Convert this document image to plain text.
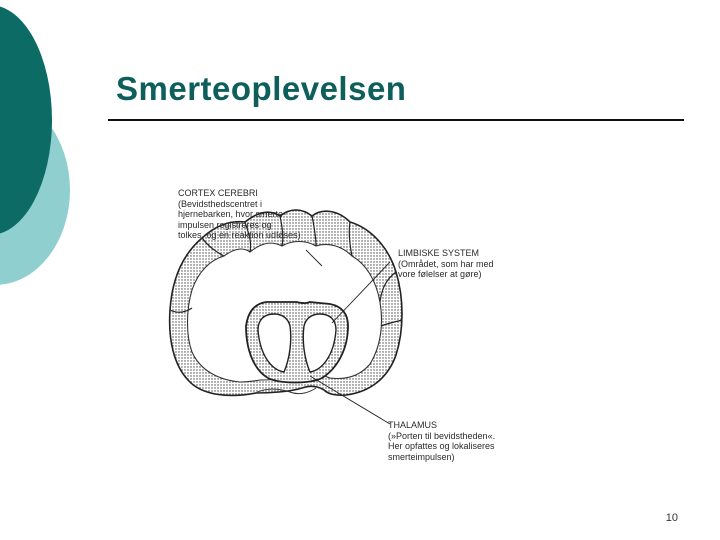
Smerteoplevelsen
CORTEX CEREBRI
(Bevidsthedscentret i
hjernebarken, hvor smerte-
impulsen registreres og
tolkes, og en reaktion udløses)
LIMBISKE SYSTEM
(Området, som har med
vore følelser at gøre)
THALAMUS
(»Porten til bevidstheden«.
Her opfattes og lokaliseres
smerteimpulsen)
10
